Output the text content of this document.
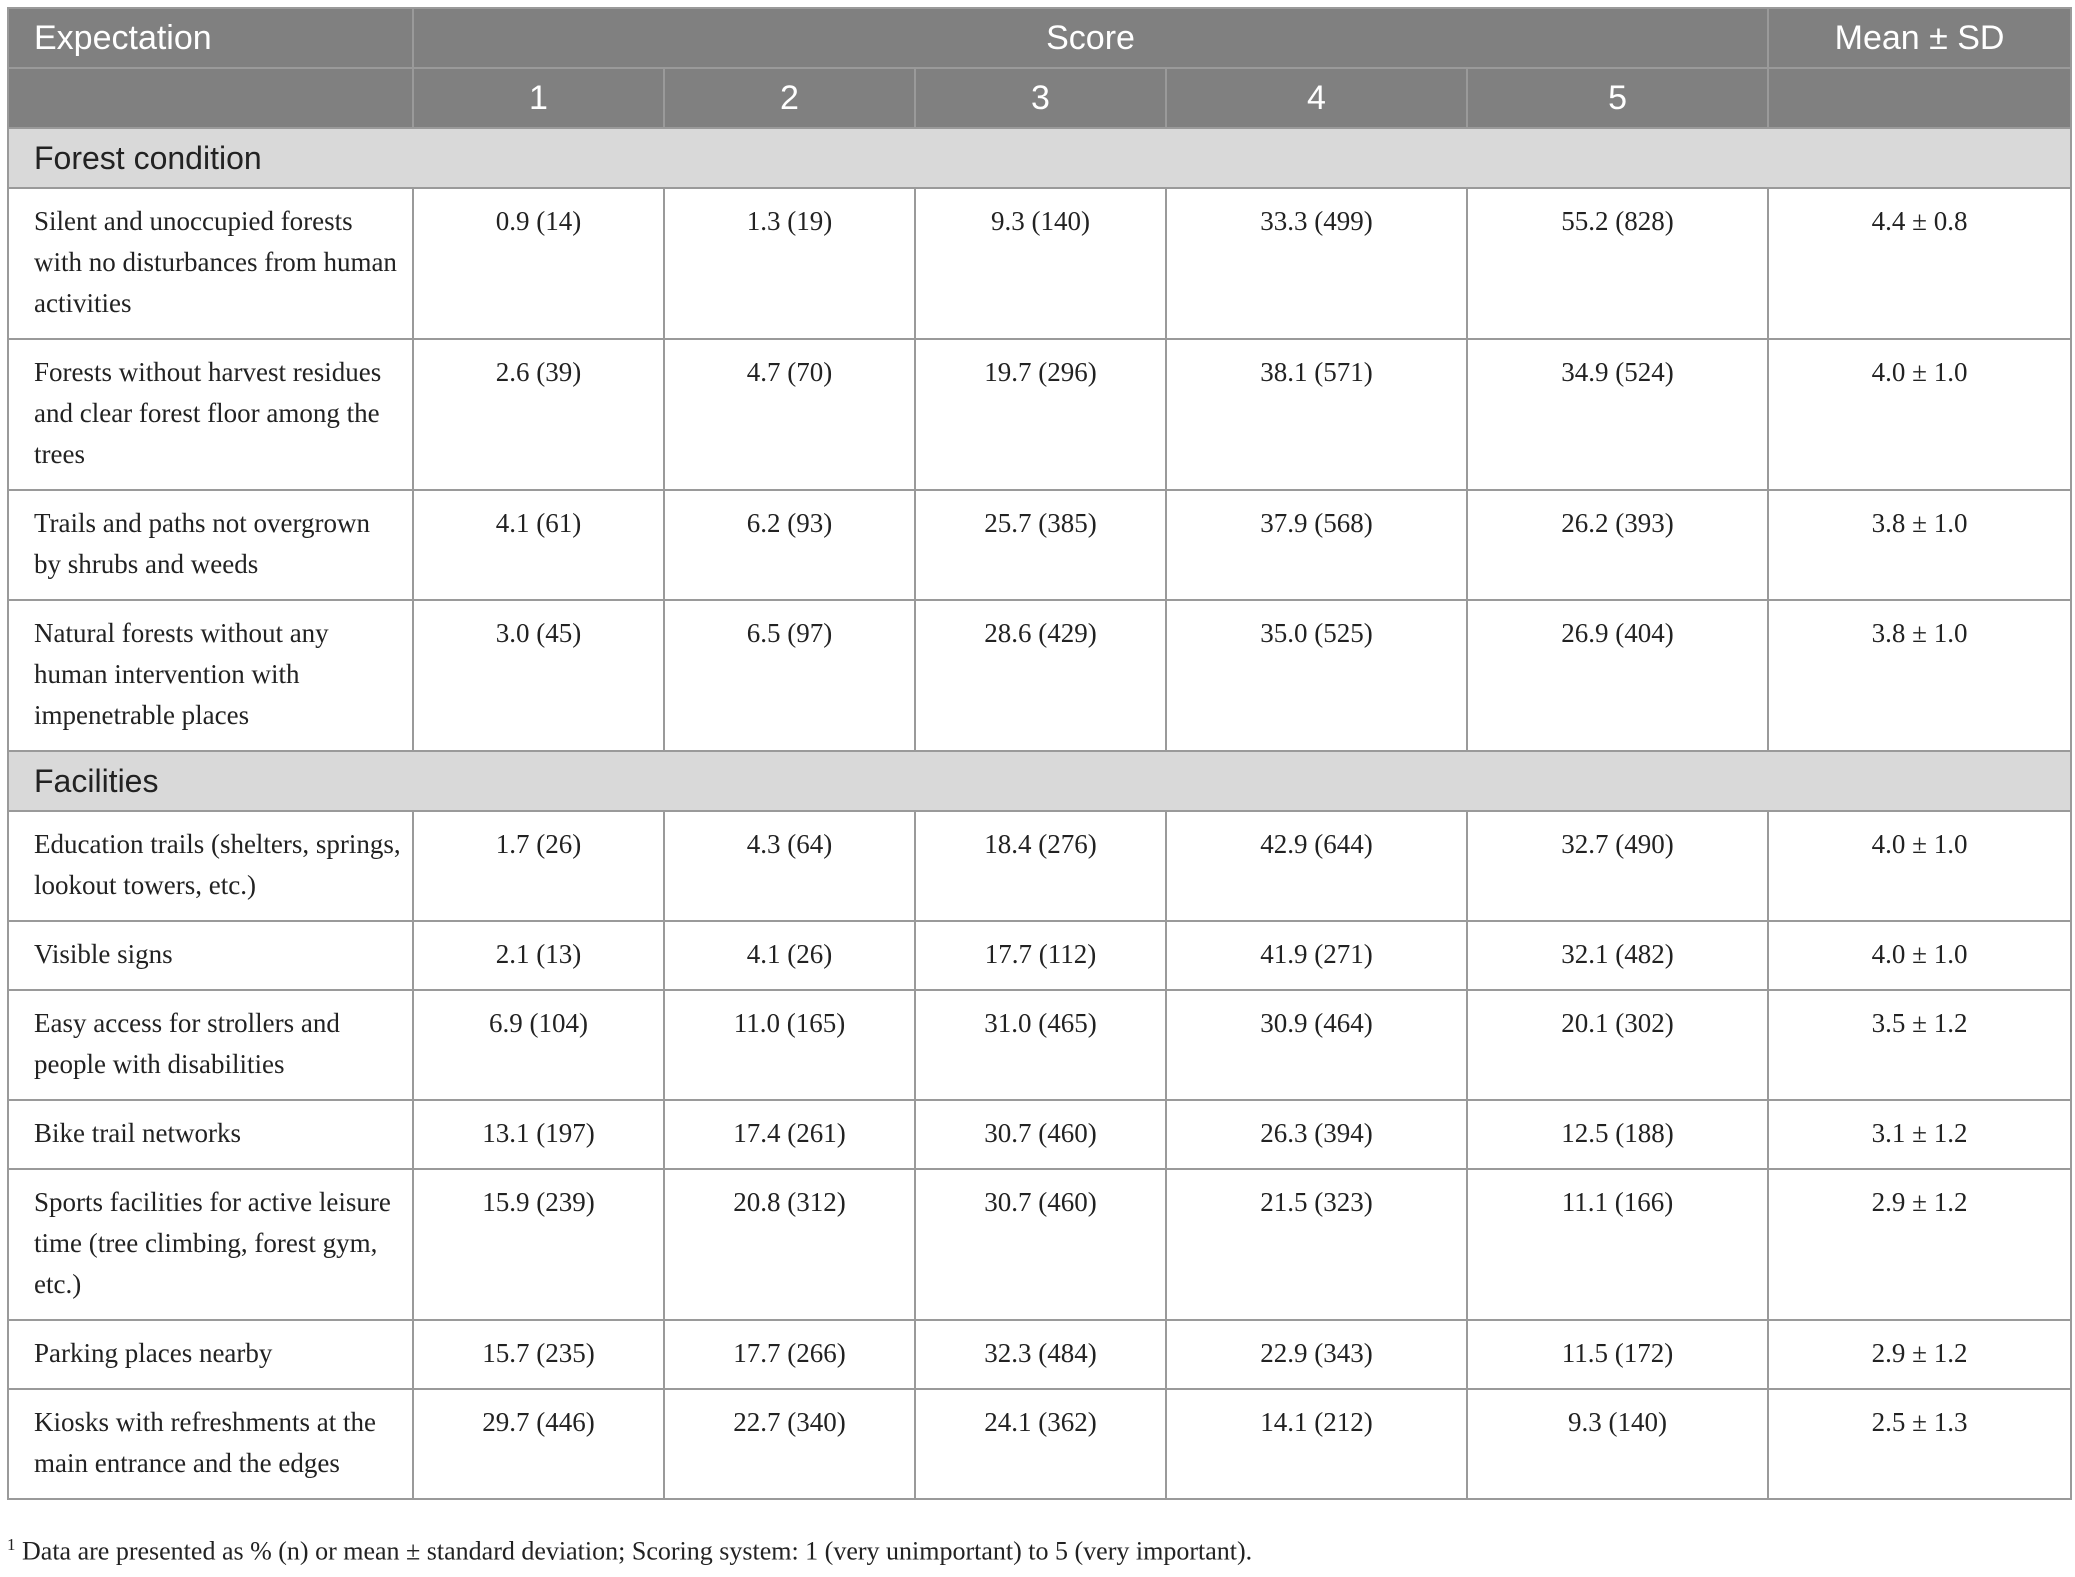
Expectation	Score					Mean ± SD
	1	2	3	4	5	
Forest condition						
Silent and unoccupied forests with no disturbances from human activities	0.9 (14)	1.3 (19)	9.3 (140)	33.3 (499)	55.2 (828)	4.4 ± 0.8
Forests without harvest residues and clear forest floor among the trees	2.6 (39)	4.7 (70)	19.7 (296)	38.1 (571)	34.9 (524)	4.0 ± 1.0
Trails and paths not overgrown by shrubs and weeds	4.1 (61)	6.2 (93)	25.7 (385)	37.9 (568)	26.2 (393)	3.8 ± 1.0
Natural forests without any human intervention with impenetrable places	3.0 (45)	6.5 (97)	28.6 (429)	35.0 (525)	26.9 (404)	3.8 ± 1.0
Facilities						
Education trails (shelters, springs, lookout towers, etc.)	1.7 (26)	4.3 (64)	18.4 (276)	42.9 (644)	32.7 (490)	4.0 ± 1.0
Visible signs	2.1 (13)	4.1 (26)	17.7 (112)	41.9 (271)	32.1 (482)	4.0 ± 1.0
Easy access for strollers and people with disabilities	6.9 (104)	11.0 (165)	31.0 (465)	30.9 (464)	20.1 (302)	3.5 ± 1.2
Bike trail networks	13.1 (197)	17.4 (261)	30.7 (460)	26.3 (394)	12.5 (188)	3.1 ± 1.2
Sports facilities for active leisure time (tree climbing, forest gym, etc.)	15.9 (239)	20.8 (312)	30.7 (460)	21.5 (323)	11.1 (166)	2.9 ± 1.2
Parking places nearby	15.7 (235)	17.7 (266)	32.3 (484)	22.9 (343)	11.5 (172)	2.9 ± 1.2
Kiosks with refreshments at the main entrance and the edges	29.7 (446)	22.7 (340)	24.1 (362)	14.1 (212)	9.3 (140)	2.5 ± 1.3
$^1$ Data are presented as % (n) or mean ± standard deviation; Scoring system: 1 (very unimportant) to 5 (very important).
